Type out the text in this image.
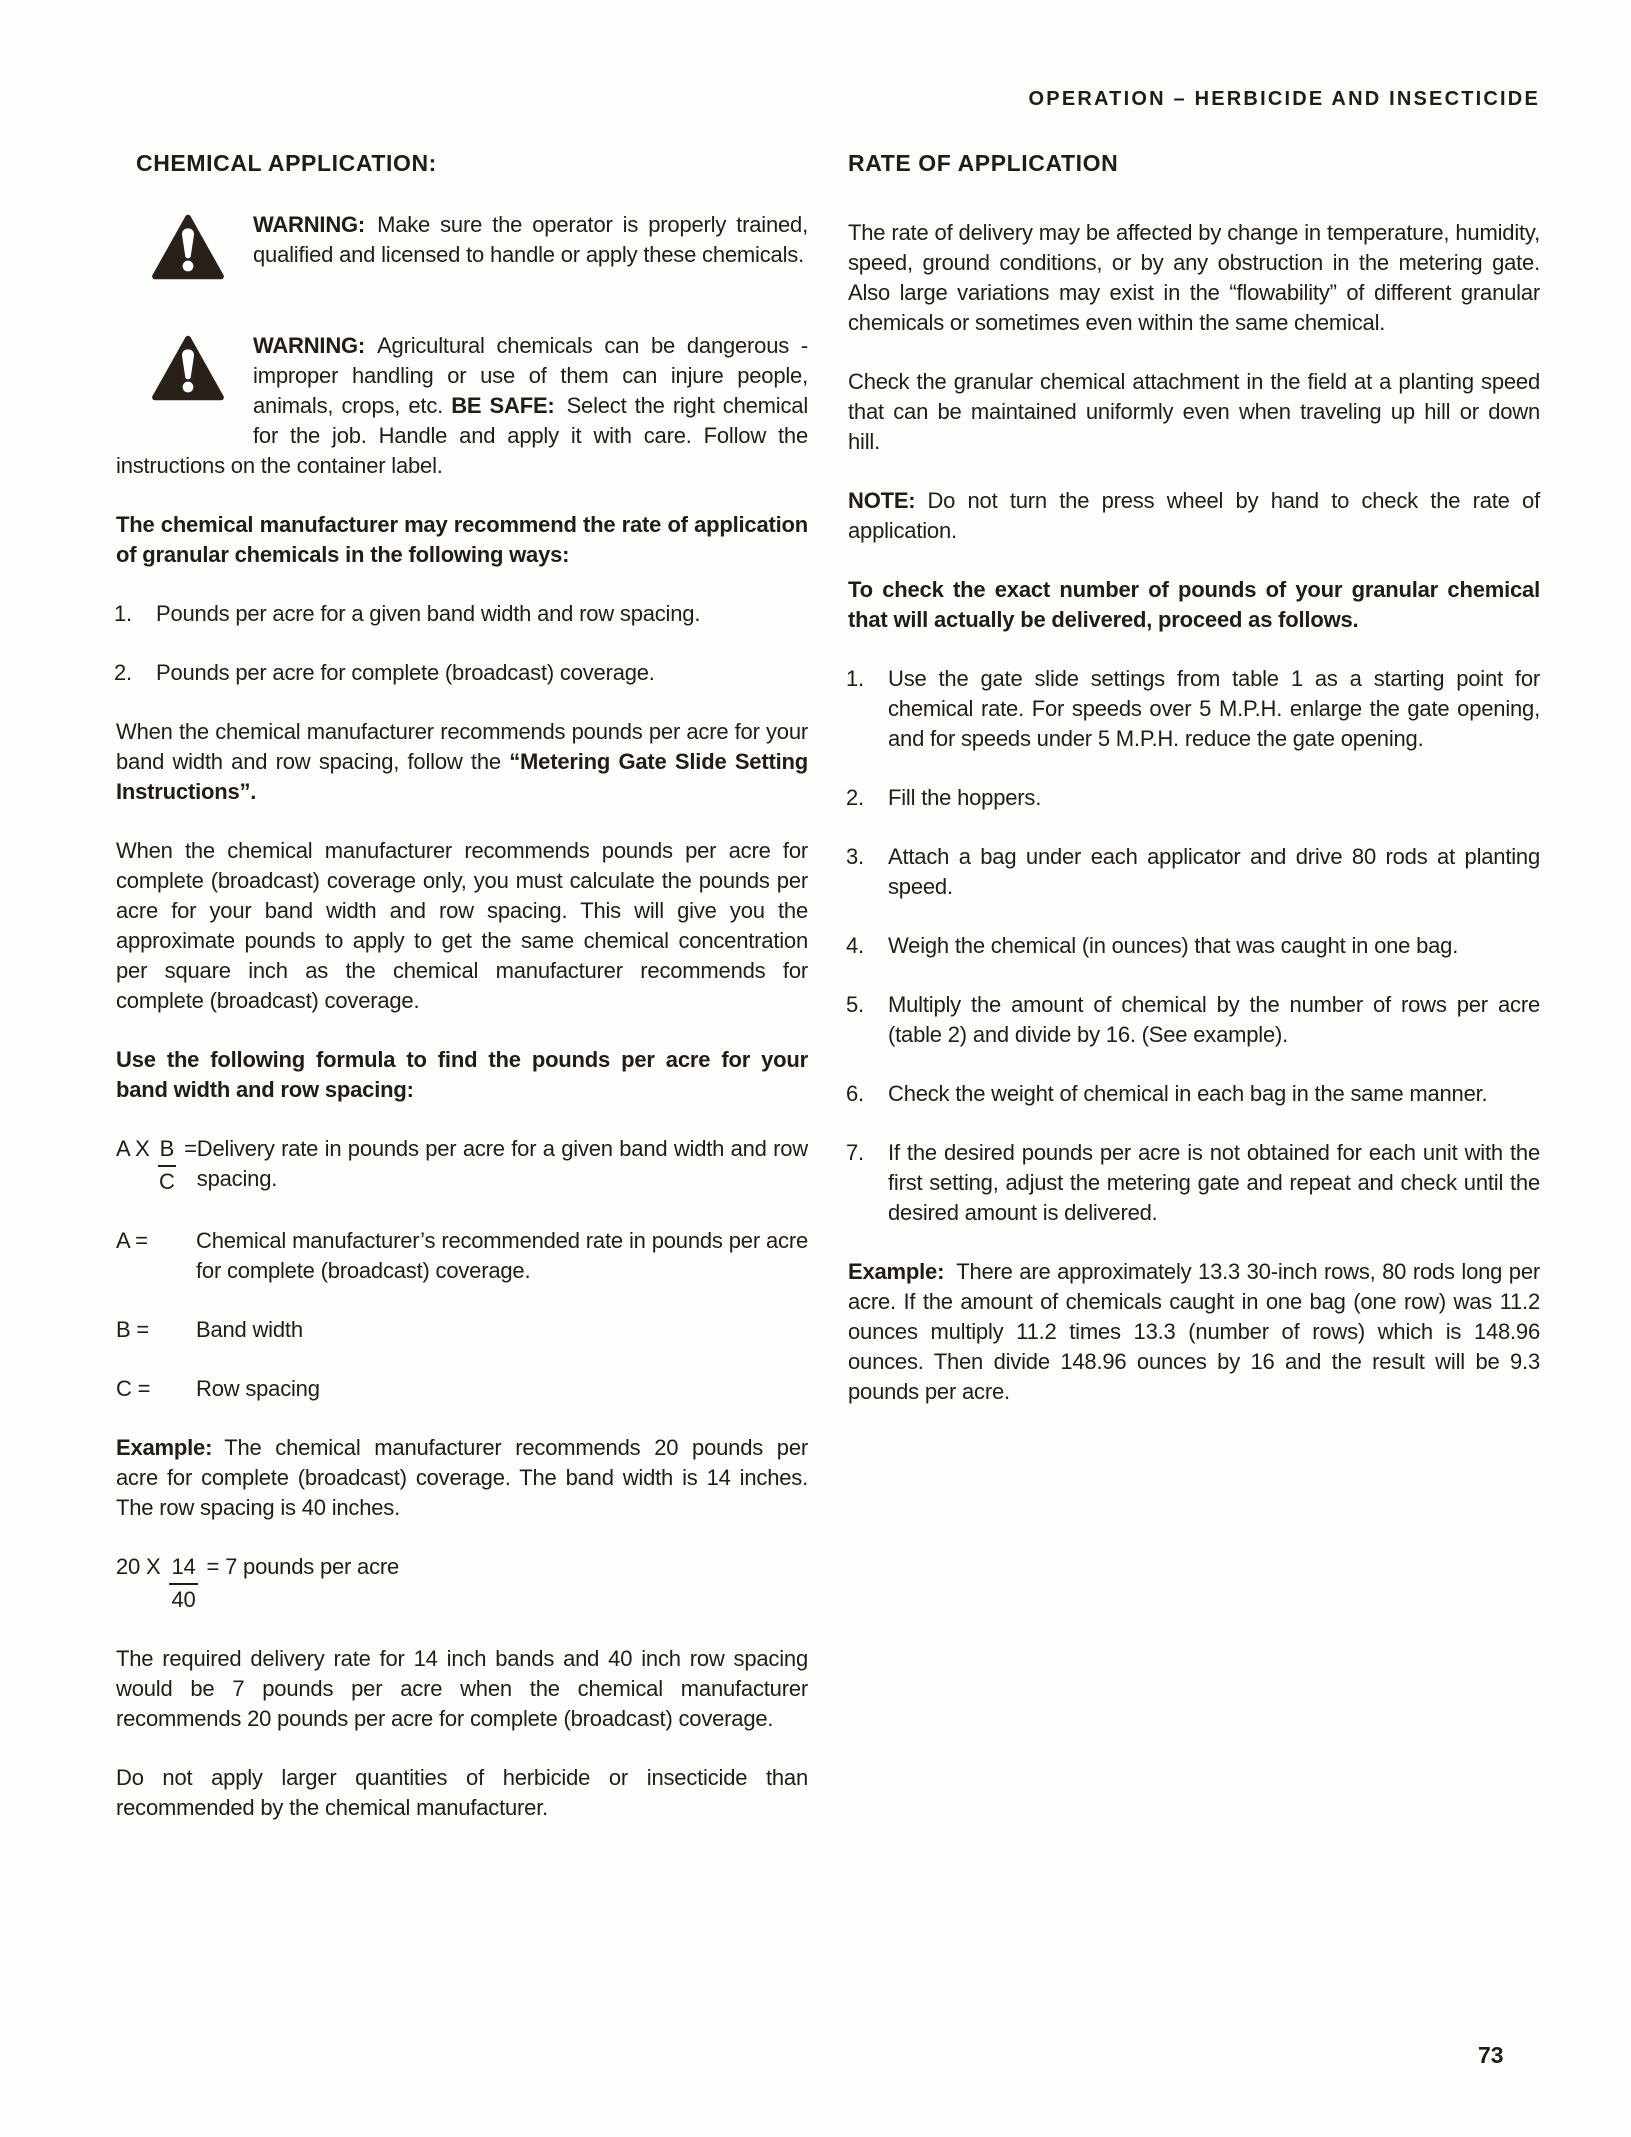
OPERATION – HERBICIDE AND INSECTICIDE
CHEMICAL APPLICATION:

WARNING: Make sure the operator is properly trained, qualified and licensed to handle or apply these chemicals.

WARNING: Agricultural chemicals can be dangerous - improper handling or use of them can injure people, animals, crops, etc. BE SAFE: Select the right chemical for the job. Handle and apply it with care. Follow the instructions on the container label.

The chemical manufacturer may recommend the rate of application of granular chemicals in the following ways:

1. Pounds per acre for a given band width and row spacing.
2. Pounds per acre for complete (broadcast) coverage.

When the chemical manufacturer recommends pounds per acre for your band width and row spacing, follow the “Metering Gate Slide Setting Instructions”.

When the chemical manufacturer recommends pounds per acre for complete (broadcast) coverage only, you must calculate the pounds per acre for your band width and row spacing. This will give you the approximate pounds to apply to get the same chemical concentration per square inch as the chemical manufacturer recommends for complete (broadcast) coverage.

Use the following formula to find the pounds per acre for your band width and row spacing:

A X $\frac{B}{C}$ = Delivery rate in pounds per acre for a given band width and row spacing.
A = Chemical manufacturer’s recommended rate in pounds per acre for complete (broadcast) coverage.
B = Band width
C = Row spacing

Example: The chemical manufacturer recommends 20 pounds per acre for complete (broadcast) coverage. The band width is 14 inches. The row spacing is 40 inches.

20 X $\frac{14}{40} = 7$ pounds per acre

The required delivery rate for 14 inch bands and 40 inch row spacing would be 7 pounds per acre when the chemical manufacturer recommends 20 pounds per acre for complete (broadcast) coverage.

Do not apply larger quantities of herbicide or insecticide than recommended by the chemical manufacturer.

RATE OF APPLICATION

The rate of delivery may be affected by change in temperature, humidity, speed, ground conditions, or by any obstruction in the metering gate. Also large variations may exist in the “flowability” of different granular chemicals or sometimes even within the same chemical.

Check the granular chemical attachment in the field at a planting speed that can be maintained uniformly even when traveling up hill or down hill.

NOTE: Do not turn the press wheel by hand to check the rate of application.

To check the exact number of pounds of your granular chemical that will actually be delivered, proceed as follows.

1. Use the gate slide settings from table 1 as a starting point for chemical rate. For speeds over 5 M.P.H. enlarge the gate opening, and for speeds under 5 M.P.H. reduce the gate opening.
2. Fill the hoppers.
3. Attach a bag under each applicator and drive 80 rods at planting speed.
4. Weigh the chemical (in ounces) that was caught in one bag.
5. Multiply the amount of chemical by the number of rows per acre (table 2) and divide by 16. (See example).
6. Check the weight of chemical in each bag in the same manner.
7. If the desired pounds per acre is not obtained for each unit with the first setting, adjust the metering gate and repeat and check until the desired amount is delivered.

Example: There are approximately 13.3 30-inch rows, 80 rods long per acre. If the amount of chemicals caught in one bag (one row) was 11.2 ounces multiply 11.2 times 13.3 (number of rows) which is 148.96 ounces. Then divide 148.96 ounces by 16 and the result will be 9.3 pounds per acre.

73
